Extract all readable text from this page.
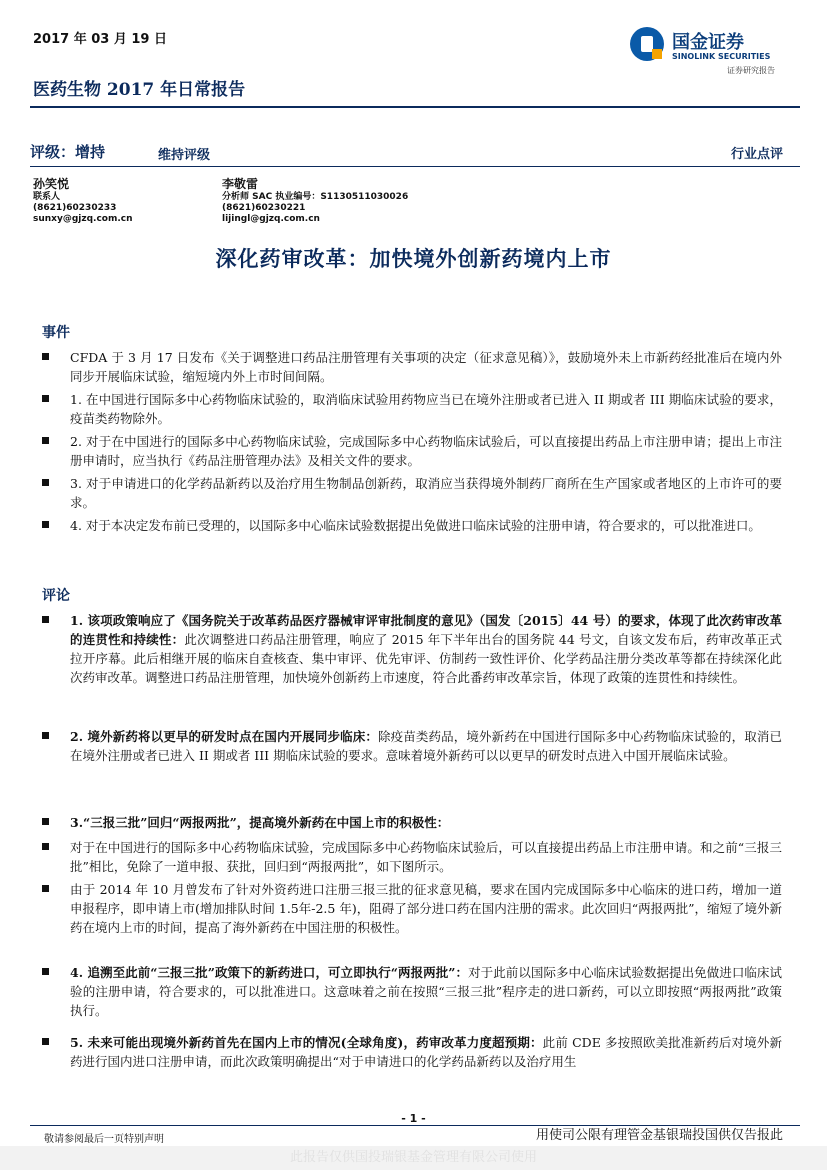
2017 年 03 月 19 日
医药生物 2017 年日常报告
国金证券
SINOLINK SECURITIES
证券研究报告
评级：增持	维持评级	行业点评
孙笑悦
联系人
(8621)60230233
sunxy@gjzq.com.cn
李敬雷
分析师 SAC 执业编号：S1130511030026
(8621)60230221
lijingl@gjzq.com.cn
深化药审改革：加快境外创新药境内上市
事件
CFDA 于 3 月 17 日发布《关于调整进口药品注册管理有关事项的决定（征求意见稿）》，鼓励境外未上市新药经批准后在境内外同步开展临床试验，缩短境内外上市时间间隔。
1. 在中国进行国际多中心药物临床试验的，取消临床试验用药物应当已在境外注册或者已进入 II 期或者 III 期临床试验的要求，疫苗类药物除外。
2. 对于在中国进行的国际多中心药物临床试验，完成国际多中心药物临床试验后，可以直接提出药品上市注册申请；提出上市注册申请时，应当执行《药品注册管理办法》及相关文件的要求。
3. 对于申请进口的化学药品新药以及治疗用生物制品创新药，取消应当获得境外制药厂商所在生产国家或者地区的上市许可的要求。
4. 对于本决定发布前已受理的，以国际多中心临床试验数据提出免做进口临床试验的注册申请，符合要求的，可以批准进口。
评论
1. 该项政策响应了《国务院关于改革药品医疗器械审评审批制度的意见》（国发〔2015〕44 号）的要求，体现了此次药审改革的连贯性和持续性：此次调整进口药品注册管理，响应了 2015 年下半年出台的国务院 44 号文，自该文发布后，药审改革正式拉开序幕。此后相继开展的临床自查核查、集中审评、优先审评、仿制药一致性评价、化学药品注册分类改革等都在持续深化此次药审改革。调整进口药品注册管理，加快境外创新药上市速度，符合此番药审改革宗旨，体现了政策的连贯性和持续性。
2. 境外新药将以更早的研发时点在国内开展同步临床：除疫苗类药品，境外新药在中国进行国际多中心药物临床试验的，取消已在境外注册或者已进入 II 期或者 III 期临床试验的要求。意味着境外新药可以以更早的研发时点进入中国开展临床试验。
3.“三报三批”回归“两报两批”，提高境外新药在中国上市的积极性：
对于在中国进行的国际多中心药物临床试验，完成国际多中心药物临床试验后，可以直接提出药品上市注册申请。和之前“三报三批”相比，免除了一道申报、获批，回归到“两报两批”，如下图所示。
由于 2014 年 10 月曾发布了针对外资药进口注册三报三批的征求意见稿，要求在国内完成国际多中心临床的进口药，增加一道申报程序，即申请上市(增加排队时间 1.5年-2.5 年)，阻碍了部分进口药在国内注册的需求。此次回归“两报两批”，缩短了境外新药在境内上市的时间，提高了海外新药在中国注册的积极性。
4. 追溯至此前“三报三批”政策下的新药进口，可立即执行“两报两批”：对于此前以国际多中心临床试验数据提出免做进口临床试验的注册申请，符合要求的，可以批准进口。这意味着之前在按照“三报三批”程序走的进口新药，可以立即按照“两报两批”政策执行。
5. 未来可能出现境外新药首先在国内上市的情况(全球角度)，药审改革力度超预期：此前 CDE 多按照欧美批准新药后对境外新药进行国内进口注册申请，而此次政策明确提出“对于申请进口的化学药品新药以及治疗用生
- 1 -
敬请参阅最后一页特别声明	用使司公限有理管金基银瑞投国供仅告报此
此报告仅供国投瑞银基金管理有限公司使用
